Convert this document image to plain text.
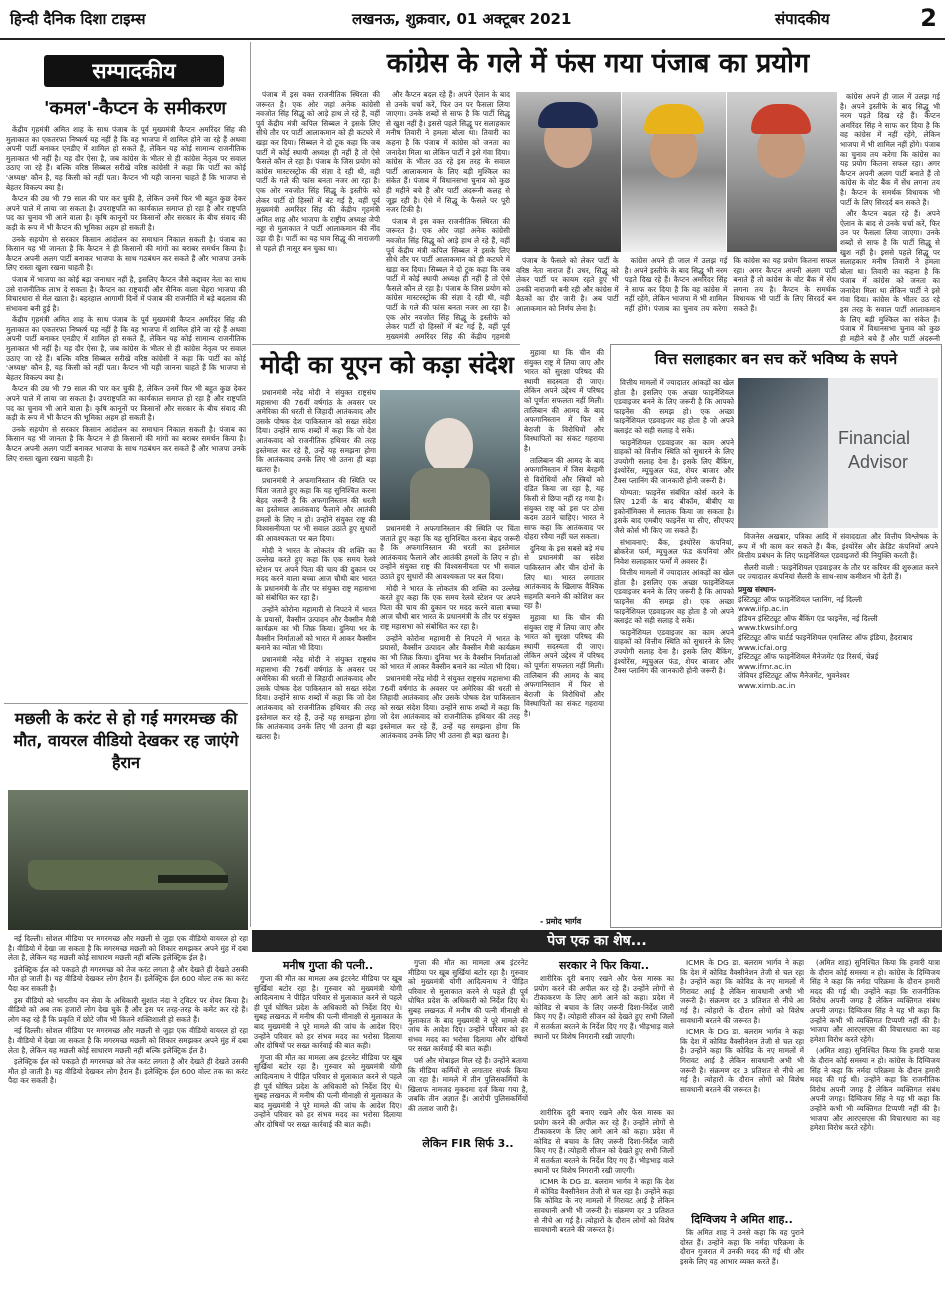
हिन्दी दैनिक दिशा टाइम्स	लखनऊ, शुक्रवार, 01 अक्टूबर 2021	संपादकीय	2
सम्पादकीय
'कमल'-कैप्टन के समीकरण

केंद्रीय गृहमंत्री अमित शाह के साथ पंजाब के पूर्व मुख्यमंत्री कैप्टन अमरिंदर सिंह की मुलाकात का एकतरफा निष्कर्ष यह नहीं है कि वह भाजपा में शामिल होने जा रहे हैं अथवा अपनी पार्टी बनाकर एनडीए में शामिल हो सकते हैं, लेकिन यह कोई सामान्य राजनीतिक मुलाकात भी नहीं है। यह दौर ऐसा है, जब कांग्रेस के भीतर से ही कांग्रेस नेतृत्व पर सवाल उठाए जा रहे हैं। बल्कि वरिष्ठ सिब्बल सरीखे वरिष्ठ कांग्रेसी ने कहा कि पार्टी का कोई 'अध्यक्ष' कौन है, यह किसी को नहीं पता। कैप्टन भी यही जानना चाहते हैं कि भाजपा से बेहतर विकल्प क्या है।

कैप्टन की उम्र भी 79 साल की पार कर चुकी है, लेकिन उनमें फिर भी बहुत कुछ देकर अपने पाले में लाया जा सकता है। उपराष्ट्रपति का कार्यकाल समाप्त हो रहा है और राष्ट्रपति पद का चुनाव भी आने वाला है। कृषि कानूनों पर किसानों और सरकार के बीच संवाद की कड़ी के रूप में भी कैप्टन की भूमिका अहम हो सकती है।

उनके सहयोग से सरकार किसान आंदोलन का समाधान निकाल सकती है। पंजाब का किसान यह भी जानता है कि कैप्टन ने ही किसानों की मांगों का बराबर समर्थन किया है। कैप्टन अपनी अलग पार्टी बनाकर भाजपा के साथ गठबंधन कर सकते हैं और भाजपा उनके लिए रास्ता खुला रखना चाहती है।

पंजाब में भाजपा का कोई बड़ा जनाधार नहीं है, इसलिए कैप्टन जैसे कद्दावर नेता का साथ उसे राजनीतिक लाभ दे सकता है। कैप्टन का राष्ट्रवादी और सैनिक वाला चेहरा भाजपा की विचारधारा से मेल खाता है। बहरहाल आगामी दिनों में पंजाब की राजनीति में बड़े बदलाव की संभावना बनी हुई है।

केंद्रीय गृहमंत्री अमित शाह के साथ पंजाब के पूर्व मुख्यमंत्री कैप्टन अमरिंदर सिंह की मुलाकात का एकतरफा निष्कर्ष यह नहीं है कि वह भाजपा में शामिल होने जा रहे हैं अथवा अपनी पार्टी बनाकर एनडीए में शामिल हो सकते हैं, लेकिन यह कोई सामान्य राजनीतिक मुलाकात भी नहीं है। यह दौर ऐसा है, जब कांग्रेस के भीतर से ही कांग्रेस नेतृत्व पर सवाल उठाए जा रहे हैं। बल्कि वरिष्ठ सिब्बल सरीखे वरिष्ठ कांग्रेसी ने कहा कि पार्टी का कोई 'अध्यक्ष' कौन है, यह किसी को नहीं पता। कैप्टन भी यही जानना चाहते हैं कि भाजपा से बेहतर विकल्प क्या है।

कैप्टन की उम्र भी 79 साल की पार कर चुकी है, लेकिन उनमें फिर भी बहुत कुछ देकर अपने पाले में लाया जा सकता है। उपराष्ट्रपति का कार्यकाल समाप्त हो रहा है और राष्ट्रपति पद का चुनाव भी आने वाला है। कृषि कानूनों पर किसानों और सरकार के बीच संवाद की कड़ी के रूप में भी कैप्टन की भूमिका अहम हो सकती है।

उनके सहयोग से सरकार किसान आंदोलन का समाधान निकाल सकती है। पंजाब का किसान यह भी जानता है कि कैप्टन ने ही किसानों की मांगों का बराबर समर्थन किया है। कैप्टन अपनी अलग पार्टी बनाकर भाजपा के साथ गठबंधन कर सकते हैं और भाजपा उनके लिए रास्ता खुला रखना चाहती है।

कांग्रेस के गले में फंस गया पंजाब का प्रयोग

पंजाब में इस वक्त राजनीतिक स्थिरता की जरूरत है। एक ओर जहां अनेक कांग्रेसी नवजोत सिंह सिद्धू को आड़े हाथ ले रहे हैं, वहीं पूर्व केंद्रीय मंत्री कपिल सिब्बल ने इसके लिए सीधे तौर पर पार्टी आलाकमान को ही कटघरे में खड़ा कर दिया। सिब्बल ने दो टूक कहा कि जब पार्टी में कोई स्थायी अध्यक्ष ही नहीं है तो ऐसे फैसले कौन ले रहा है। पंजाब के जिस प्रयोग को कांग्रेस मास्टरस्ट्रोक की संज्ञा दे रही थी, वही पार्टी के गले की फांस बनता नजर आ रहा है। एक ओर नवजोत सिंह सिद्धू के इस्तीफे को लेकर पार्टी दो हिस्सों में बंट गई है, वहीं पूर्व मुख्यमंत्री अमरिंदर सिंह की केंद्रीय गृहमंत्री अमित शाह और भाजपा के राष्ट्रीय अध्यक्ष जेपी नड्डा से मुलाकात ने पार्टी आलाकमान की नींद उड़ा दी है। पार्टी का यह घाव सिद्धू की नाराजगी से पहले ही नासूर बन चुका था।

और कैप्टन बदल रहे हैं। अपने ऐलान के बाद से उनके चर्चा करें, फिर उन पर फैसला लिया जाएगा। उनके शब्दों से साफ है कि पार्टी सिद्धू से खुश नहीं है। इससे पहले सिद्धू पर सलाहकार मनीष तिवारी ने हमला बोला था। तिवारी का कहना है कि पंजाब में कांग्रेस को जनता का जनादेश मिला था लेकिन पार्टी ने इसे गंवा दिया। कांग्रेस के भीतर उठ रहे इस तरह के सवाल पार्टी आलाकमान के लिए बड़ी मुश्किल का संकेत हैं। पंजाब में विधानसभा चुनाव को कुछ ही महीने बचे हैं और पार्टी अंदरूनी कलह से जूझ रही है। ऐसे में सिद्धू के फैसले पर पूरी नजर टिकी है।

पंजाब में इस वक्त राजनीतिक स्थिरता की जरूरत है। एक ओर जहां अनेक कांग्रेसी नवजोत सिंह सिद्धू को आड़े हाथ ले रहे हैं, वहीं पूर्व केंद्रीय मंत्री कपिल सिब्बल ने इसके लिए सीधे तौर पर पार्टी आलाकमान को ही कटघरे में खड़ा कर दिया। सिब्बल ने दो टूक कहा कि जब पार्टी में कोई स्थायी अध्यक्ष ही नहीं है तो ऐसे फैसले कौन ले रहा है। पंजाब के जिस प्रयोग को कांग्रेस मास्टरस्ट्रोक की संज्ञा दे रही थी, वही पार्टी के गले की फांस बनता नजर आ रहा है। एक ओर नवजोत सिंह सिद्धू के इस्तीफे को लेकर पार्टी दो हिस्सों में बंट गई है, वहीं पूर्व मुख्यमंत्री अमरिंदर सिंह की केंद्रीय गृहमंत्री

पंजाब के फैसले को लेकर पार्टी के वरिष्ठ नेता नाराज हैं। उधर, सिद्धू को लेकर पार्टी पर कायम रहते हुए भी उनकी नाराजगी बनी रही और कांग्रेस में बैठकों का दौर जारी है। अब पार्टी आलाकमान को निर्णय लेना है।

कांग्रेस अपने ही जाल में उलझ गई है। अपने इस्तीफे के बाद सिद्धू भी नरम पड़ते दिख रहे हैं। कैप्टन अमरिंदर सिंह ने साफ कर दिया है कि वह कांग्रेस में नहीं रहेंगे, लेकिन भाजपा में भी शामिल नहीं होंगे। पंजाब का चुनाव तय करेगा कि कांग्रेस का यह प्रयोग कितना सफल रहा। अगर कैप्टन अपनी अलग पार्टी बनाते हैं तो कांग्रेस के वोट बैंक में सेंध लगना तय है। कैप्टन के समर्थक विधायक भी पार्टी के लिए सिरदर्द बन सकते हैं।

कांग्रेस अपने ही जाल में उलझ गई है। अपने इस्तीफे के बाद सिद्धू भी नरम पड़ते दिख रहे हैं। कैप्टन अमरिंदर सिंह ने साफ कर दिया है कि वह कांग्रेस में नहीं रहेंगे, लेकिन भाजपा में भी शामिल नहीं होंगे। पंजाब का चुनाव तय करेगा कि कांग्रेस का यह प्रयोग कितना सफल रहा। अगर कैप्टन अपनी अलग पार्टी बनाते हैं तो कांग्रेस के वोट बैंक में सेंध लगना तय है। कैप्टन के समर्थक विधायक भी पार्टी के लिए सिरदर्द बन सकते हैं।

और कैप्टन बदल रहे हैं। अपने ऐलान के बाद से उनके चर्चा करें, फिर उन पर फैसला लिया जाएगा। उनके शब्दों से साफ है कि पार्टी सिद्धू से खुश नहीं है। इससे पहले सिद्धू पर सलाहकार मनीष तिवारी ने हमला बोला था। तिवारी का कहना है कि पंजाब में कांग्रेस को जनता का जनादेश मिला था लेकिन पार्टी ने इसे गंवा दिया। कांग्रेस के भीतर उठ रहे इस तरह के सवाल पार्टी आलाकमान के लिए बड़ी मुश्किल का संकेत हैं। पंजाब में विधानसभा चुनाव को कुछ ही महीने बचे हैं और पार्टी अंदरूनी

मोदी का यूएन को कड़ा संदेश

प्रधानमंत्री नरेंद्र मोदी ने संयुक्त राष्ट्रसंघ महासभा की 76वीं वर्षगांठ के अवसर पर अमेरिका की धरती से जिहादी आतंकवाद और उसके पोषक देश पाकिस्तान को सख्त संदेश दिया। उन्होंने साफ शब्दों में कहा कि जो देश आतंकवाद को राजनीतिक हथियार की तरह इस्तेमाल कर रहे हैं, उन्हें यह समझना होगा कि आतंकवाद उनके लिए भी उतना ही बड़ा खतरा है।

प्रधानमंत्री ने अफगानिस्तान की स्थिति पर चिंता जताते हुए कहा कि यह सुनिश्चित करना बेहद जरूरी है कि अफगानिस्तान की धरती का इस्तेमाल आतंकवाद फैलाने और आतंकी हमलों के लिए न हो। उन्होंने संयुक्त राष्ट्र की विश्वसनीयता पर भी सवाल उठाते हुए सुधारों की आवश्यकता पर बल दिया।

मोदी ने भारत के लोकतंत्र की शक्ति का उल्लेख करते हुए कहा कि एक समय रेलवे स्टेशन पर अपने पिता की चाय की दुकान पर मदद करने वाला बच्चा आज चौथी बार भारत के प्रधानमंत्री के तौर पर संयुक्त राष्ट्र महासभा को संबोधित कर रहा है।

उन्होंने कोरोना महामारी से निपटने में भारत के प्रयासों, वैक्सीन उत्पादन और वैक्सीन मैत्री कार्यक्रम का भी जिक्र किया। दुनिया भर के वैक्सीन निर्माताओं को भारत में आकर वैक्सीन बनाने का न्योता भी दिया।

प्रधानमंत्री नरेंद्र मोदी ने संयुक्त राष्ट्रसंघ महासभा की 76वीं वर्षगांठ के अवसर पर अमेरिका की धरती से जिहादी आतंकवाद और उसके पोषक देश पाकिस्तान को सख्त संदेश दिया। उन्होंने साफ शब्दों में कहा कि जो देश आतंकवाद को राजनीतिक हथियार की तरह इस्तेमाल कर रहे हैं, उन्हें यह समझना होगा कि आतंकवाद उनके लिए भी उतना ही बड़ा खतरा है।

प्रधानमंत्री ने अफगानिस्तान की स्थिति पर चिंता जताते हुए कहा कि यह सुनिश्चित करना बेहद जरूरी है कि अफगानिस्तान की धरती का इस्तेमाल आतंकवाद फैलाने और आतंकी हमलों के लिए न हो। उन्होंने संयुक्त राष्ट्र की विश्वसनीयता पर भी सवाल उठाते हुए सुधारों की आवश्यकता पर बल दिया।

मोदी ने भारत के लोकतंत्र की शक्ति का उल्लेख करते हुए कहा कि एक समय रेलवे स्टेशन पर अपने पिता की चाय की दुकान पर मदद करने वाला बच्चा आज चौथी बार भारत के प्रधानमंत्री के तौर पर संयुक्त राष्ट्र महासभा को संबोधित कर रहा है।

उन्होंने कोरोना महामारी से निपटने में भारत के प्रयासों, वैक्सीन उत्पादन और वैक्सीन मैत्री कार्यक्रम का भी जिक्र किया। दुनिया भर के वैक्सीन निर्माताओं को भारत में आकर वैक्सीन बनाने का न्योता भी दिया।

प्रधानमंत्री नरेंद्र मोदी ने संयुक्त राष्ट्रसंघ महासभा की 76वीं वर्षगांठ के अवसर पर अमेरिका की धरती से जिहादी आतंकवाद और उसके पोषक देश पाकिस्तान को सख्त संदेश दिया। उन्होंने साफ शब्दों में कहा कि जो देश आतंकवाद को राजनीतिक हथियार की तरह इस्तेमाल कर रहे हैं, उन्हें यह समझना होगा कि आतंकवाद उनके लिए भी उतना ही बड़ा खतरा है।

मुहावा था कि चीन की संयुक्त राष्ट्र में लिया जाए और भारत को सुरक्षा परिषद की स्थायी सदस्यता दी जाए। लेकिन अपने उद्देश्य में परिषद को पूर्णतः सफलता नहीं मिली। तालिबान की आमद के बाद अफगानिस्तान में फिर से बेराजी के विरोधियों और विस्थापितों का संकट गहराया है।

तालिबान की आमद के बाद अफगानिस्तान में जिस बेरहमी से विरोधियों और स्त्रियों को दंडित किया जा रहा है, यह किसी से छिपा नहीं रह गया है। संयुक्त राष्ट्र को इस पर ठोस कदम उठाने चाहिए। भारत ने साफ कहा कि आतंकवाद पर दोहरा रवैया नहीं चल सकता।

दुनिया के इस सबसे बड़े मंच से प्रधानमंत्री का संदेश पाकिस्तान और चीन दोनों के लिए था। भारत लगातार आतंकवाद के खिलाफ वैश्विक सहमति बनाने की कोशिश कर रहा है।

मुहावा था कि चीन की संयुक्त राष्ट्र में लिया जाए और भारत को सुरक्षा परिषद की स्थायी सदस्यता दी जाए। लेकिन अपने उद्देश्य में परिषद को पूर्णतः सफलता नहीं मिली। तालिबान की आमद के बाद अफगानिस्तान में फिर से बेराजी के विरोधियों और विस्थापितों का संकट गहराया है।

- प्रमोद भार्गव
वित्त सलाहकार बन सच करें भविष्य के सपने

वित्तीय मामलों में ज्यादातर आंकड़ों का खेल होता है। इसलिए एक अच्छा फाइनेंशियल एडवाइजर बनने के लिए जरूरी है कि आपको फाइनेंस की समझ हो। एक अच्छा फाइनेंशियल एडवाइजर वह होता है जो अपने क्लाइंट को सही सलाह दे सके।

फाइनेंशियल एडवाइजर का काम अपने ग्राहकों को वित्तीय स्थिति को सुधारने के लिए उपयोगी सलाह देना है। इसके लिए बैंकिंग, इंश्योरेंस, म्यूचुअल फंड, शेयर बाजार और टैक्स प्लानिंग की जानकारी होनी जरूरी है।

योग्यता: फाइनेंस संबंधित कोर्स करने के लिए 12वीं के बाद बीकॉम, बीबीए या इकोनॉमिक्स में स्नातक किया जा सकता है। इसके बाद एमबीए फाइनेंस या सीए, सीएफए जैसे कोर्स भी किए जा सकते हैं।

संभावनाएं: बैंक, इंश्योरेंस कंपनियां, ब्रोकरेज फर्म, म्यूचुअल फंड कंपनियां और निवेश सलाहकार फर्मों में अवसर हैं।

वित्तीय मामलों में ज्यादातर आंकड़ों का खेल होता है। इसलिए एक अच्छा फाइनेंशियल एडवाइजर बनने के लिए जरूरी है कि आपको फाइनेंस की समझ हो। एक अच्छा फाइनेंशियल एडवाइजर वह होता है जो अपने क्लाइंट को सही सलाह दे सके।

फाइनेंशियल एडवाइजर का काम अपने ग्राहकों को वित्तीय स्थिति को सुधारने के लिए उपयोगी सलाह देना है। इसके लिए बैंकिंग, इंश्योरेंस, म्यूचुअल फंड, शेयर बाजार और टैक्स प्लानिंग की जानकारी होनी जरूरी है।

Financial
Advisor

विजनेस अखबार, पत्रिका आदि में संवाददाता और वित्तीय विश्लेषक के रूप में भी काम कर सकते हैं। बैंक, इंश्योरेंस और क्रेडिट कंपनियों अपने वित्तीय प्रबंधन के लिए फाइनेंशियल एडवाइजरों की नियुक्ति करती हैं।

सैलरी वाली : फाइनेंशियल एडवाइजर के तौर पर करियर की शुरुआत करने पर ज्यादातर कंपनियां सैलरी के साथ-साथ कमीशन भी देती हैं।

प्रमुख संस्थान-
इंस्टिट्यूट ऑफ फाइनेंशियल प्लानिंग, नई दिल्ली
www.iifp.ac.in
इंडियन इंस्टिट्यूट ऑफ बैंकिंग एंड फाइनेंस, नई दिल्ली
www.tkwsihf.org
इंस्टिट्यूट ऑफ चार्टर्ड फाइनेंशियल एनालिस्ट ऑफ इंडिया, हैदराबाद
www.icfai.org
इंस्टिट्यूट ऑफ फाइनेंशियल मैनेजमेंट एंड रिसर्च, चेन्नई
www.ifmr.ac.in
जेवियर इंस्टिट्यूट ऑफ मैनेजमेंट, भुवनेश्वर
www.ximb.ac.in
मछली के करंट से हो गई मगरमच्छ की मौत, वायरल वीडियो देखकर रह जाएंगे हैरान

नई दिल्ली। सोशल मीडिया पर मगरमच्छ और मछली से जुड़ा एक वीडियो वायरल हो रहा है। वीडियो में देखा जा सकता है कि मगरमच्छ मछली को शिकार समझकर अपने मुंह में दबा लेता है, लेकिन यह मछली कोई साधारण मछली नहीं बल्कि इलेक्ट्रिक ईल है।

इलेक्ट्रिक ईल को पकड़ते ही मगरमच्छ को तेज करंट लगता है और देखते ही देखते उसकी मौत हो जाती है। यह वीडियो देखकर लोग हैरान हैं। इलेक्ट्रिक ईल 600 वोल्ट तक का करंट पैदा कर सकती है।

इस वीडियो को भारतीय वन सेवा के अधिकारी सुशांत नंदा ने ट्विटर पर शेयर किया है। वीडियो को अब तक हजारों लोग देख चुके हैं और इस पर तरह-तरह के कमेंट कर रहे हैं। लोग कह रहे हैं कि प्रकृति में छोटे जीव भी कितने शक्तिशाली हो सकते हैं।

नई दिल्ली। सोशल मीडिया पर मगरमच्छ और मछली से जुड़ा एक वीडियो वायरल हो रहा है। वीडियो में देखा जा सकता है कि मगरमच्छ मछली को शिकार समझकर अपने मुंह में दबा लेता है, लेकिन यह मछली कोई साधारण मछली नहीं बल्कि इलेक्ट्रिक ईल है।

इलेक्ट्रिक ईल को पकड़ते ही मगरमच्छ को तेज करंट लगता है और देखते ही देखते उसकी मौत हो जाती है। यह वीडियो देखकर लोग हैरान हैं। इलेक्ट्रिक ईल 600 वोल्ट तक का करंट पैदा कर सकती है।

पेज एक का शेष...
मनीष गुप्ता की पत्नी..

गुप्ता की मौत का मामला अब इंटरनेट मीडिया पर खूब सुर्खियां बटोर रहा है। गुरुवार को मुख्यमंत्री योगी आदित्यनाथ ने पीड़ित परिवार से मुलाकात करने से पहले ही पूर्व घोषित प्रदेश के अधिकारी को निर्देश दिए थे। सुबह लखनऊ में मनीष की पत्नी मीनाक्षी से मुलाकात के बाद मुख्यमंत्री ने पूरे मामले की जांच के आदेश दिए। उन्होंने परिवार को हर संभव मदद का भरोसा दिलाया और दोषियों पर सख्त कार्रवाई की बात कही।

गुप्ता की मौत का मामला अब इंटरनेट मीडिया पर खूब सुर्खियां बटोर रहा है। गुरुवार को मुख्यमंत्री योगी आदित्यनाथ ने पीड़ित परिवार से मुलाकात करने से पहले ही पूर्व घोषित प्रदेश के अधिकारी को निर्देश दिए थे। सुबह लखनऊ में मनीष की पत्नी मीनाक्षी से मुलाकात के बाद मुख्यमंत्री ने पूरे मामले की जांच के आदेश दिए। उन्होंने परिवार को हर संभव मदद का भरोसा दिलाया और दोषियों पर सख्त कार्रवाई की बात कही।

गुप्ता की मौत का मामला अब इंटरनेट मीडिया पर खूब सुर्खियां बटोर रहा है। गुरुवार को मुख्यमंत्री योगी आदित्यनाथ ने पीड़ित परिवार से मुलाकात करने से पहले ही पूर्व घोषित प्रदेश के अधिकारी को निर्देश दिए थे। सुबह लखनऊ में मनीष की पत्नी मीनाक्षी से मुलाकात के बाद मुख्यमंत्री ने पूरे मामले की जांच के आदेश दिए। उन्होंने परिवार को हर संभव मदद का भरोसा दिलाया और दोषियों पर सख्त कार्रवाई की बात कही।

पर्स और मोबाइल मिल रहे हैं। उन्होंने बताया कि मीडिया कर्मियों से लगातार संपर्क किया जा रहा है। मामले में तीन पुलिसकर्मियों के खिलाफ नामजद मुकदमा दर्ज किया गया है, जबकि तीन अज्ञात हैं। आरोपी पुलिसकर्मियों की तलाश जारी है।

सरकार ने फिर किया..

शारीरिक दूरी बनाए रखने और फेस मास्क का प्रयोग करने की अपील कर रहे हैं। उन्होंने लोगों से टीकाकरण के लिए आगे आने को कहा। प्रदेश में कोविड से बचाव के लिए जरूरी दिशा-निर्देश जारी किए गए हैं। त्योहारी सीजन को देखते हुए सभी जिलों में सतर्कता बरतने के निर्देश दिए गए हैं। भीड़भाड़ वाले स्थानों पर विशेष निगरानी रखी जाएगी।

लेकिन FIR सिर्फ 3..

शारीरिक दूरी बनाए रखने और फेस मास्क का प्रयोग करने की अपील कर रहे हैं। उन्होंने लोगों से टीकाकरण के लिए आगे आने को कहा। प्रदेश में कोविड से बचाव के लिए जरूरी दिशा-निर्देश जारी किए गए हैं। त्योहारी सीजन को देखते हुए सभी जिलों में सतर्कता बरतने के निर्देश दिए गए हैं। भीड़भाड़ वाले स्थानों पर विशेष निगरानी रखी जाएगी।

ICMR के DG डा. बलराम भार्गव ने कहा कि देश में कोविड वैक्सीनेशन तेजी से चल रहा है। उन्होंने कहा कि कोविड के नए मामलों में गिरावट आई है लेकिन सावधानी अभी भी जरूरी है। संक्रमण दर 3 प्रतिशत से नीचे आ गई है। त्योहारों के दौरान लोगों को विशेष सावधानी बरतने की जरूरत है।

ICMR के DG डा. बलराम भार्गव ने कहा कि देश में कोविड वैक्सीनेशन तेजी से चल रहा है। उन्होंने कहा कि कोविड के नए मामलों में गिरावट आई है लेकिन सावधानी अभी भी जरूरी है। संक्रमण दर 3 प्रतिशत से नीचे आ गई है। त्योहारों के दौरान लोगों को विशेष सावधानी बरतने की जरूरत है।

ICMR के DG डा. बलराम भार्गव ने कहा कि देश में कोविड वैक्सीनेशन तेजी से चल रहा है। उन्होंने कहा कि कोविड के नए मामलों में गिरावट आई है लेकिन सावधानी अभी भी जरूरी है। संक्रमण दर 3 प्रतिशत से नीचे आ गई है। त्योहारों के दौरान लोगों को विशेष सावधानी बरतने की जरूरत है।

दिग्विजय ने अमित शाह..

कि अमित शाह ने उनसे कहा कि वह पुराने दोस्त हैं। उन्होंने कहा कि नर्मदा परिक्रमा के दौरान गुजरात में उनकी मदद की गई थी और इसके लिए वह आभार व्यक्त करते हैं।

(अमित शाह) सुनिश्चित किया कि हमारी यात्रा के दौरान कोई समस्या न हो। कांग्रेस के दिग्विजय सिंह ने कहा कि नर्मदा परिक्रमा के दौरान हमारी मदद की गई थी। उन्होंने कहा कि राजनीतिक विरोध अपनी जगह है लेकिन व्यक्तिगत संबंध अपनी जगह। दिग्विजय सिंह ने यह भी कहा कि उन्होंने कभी भी व्यक्तिगत टिप्पणी नहीं की है। भाजपा और आरएसएस की विचारधारा का वह हमेशा विरोध करते रहेंगे।

(अमित शाह) सुनिश्चित किया कि हमारी यात्रा के दौरान कोई समस्या न हो। कांग्रेस के दिग्विजय सिंह ने कहा कि नर्मदा परिक्रमा के दौरान हमारी मदद की गई थी। उन्होंने कहा कि राजनीतिक विरोध अपनी जगह है लेकिन व्यक्तिगत संबंध अपनी जगह। दिग्विजय सिंह ने यह भी कहा कि उन्होंने कभी भी व्यक्तिगत टिप्पणी नहीं की है। भाजपा और आरएसएस की विचारधारा का वह हमेशा विरोध करते रहेंगे।
